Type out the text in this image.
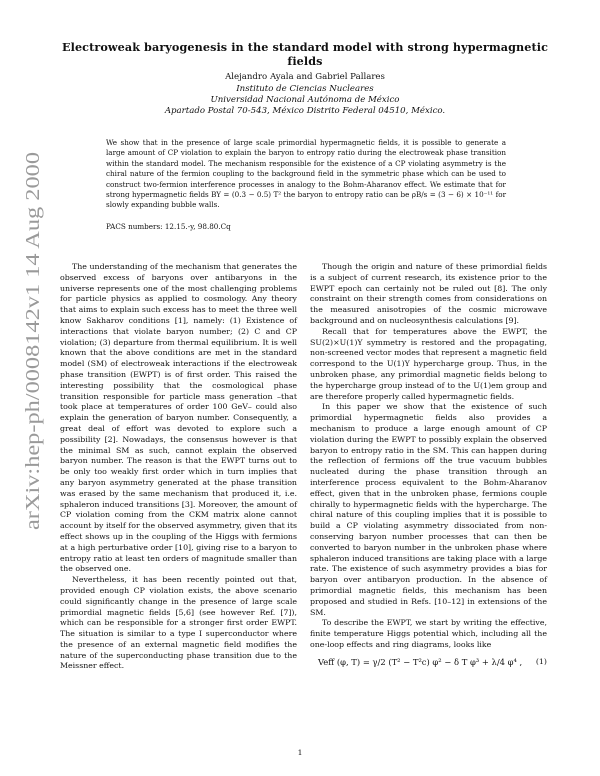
arXiv:hep-ph/0008142v1 14 Aug 2000
Electroweak baryogenesis in the standard model with strong hypermagnetic fields
Alejandro Ayala and Gabriel Pallares
Instituto de Ciencias Nucleares
Universidad Nacional Autónoma de México
Apartado Postal 70-543, México Distrito Federal 04510, México.
We show that in the presence of large scale primordial hypermagnetic fields, it is possible to generate a large amount of CP violation to explain the baryon to entropy ratio during the electroweak phase transition within the standard model. The mechanism responsible for the existence of a CP violating asymmetry is the chiral nature of the fermion coupling to the background field in the symmetric phase which can be used to construct two-fermion interference processes in analogy to the Bohm-Aharanov effect. We estimate that for strong hypermagnetic fields BY = (0.3 − 0.5) T² the baryon to entropy ratio can be ρB/s = (3 − 6) × 10⁻¹¹ for slowly expanding bubble walls.
PACS numbers: 12.15.-y, 98.80.Cq

The understanding of the mechanism that generates the observed excess of baryons over antibaryons in the universe represents one of the most challenging problems for particle physics as applied to cosmology. Any theory that aims to explain such excess has to meet the three well know Sakharov conditions [1], namely: (1) Existence of interactions that violate baryon number; (2) C and CP violation; (3) departure from thermal equilibrium. It is well known that the above conditions are met in the standard model (SM) of electroweak interactions if the electroweak phase transition (EWPT) is of first order. This raised the interesting possibility that the cosmological phase transition responsible for particle mass generation –that took place at temperatures of order 100 GeV– could also explain the generation of baryon number. Consequently, a great deal of effort was devoted to explore such a possibility [2]. Nowadays, the consensus however is that the minimal SM as such, cannot explain the observed baryon number. The reason is that the EWPT turns out to be only too weakly first order which in turn implies that any baryon asymmetry generated at the phase transition was erased by the same mechanism that produced it, i.e. sphaleron induced transitions [3]. Moreover, the amount of CP violation coming from the CKM matrix alone cannot account by itself for the observed asymmetry, given that its effect shows up in the coupling of the Higgs with fermions at a high perturbative order [10], giving rise to a baryon to entropy ratio at least ten orders of magnitude smaller than the observed one.

Nevertheless, it has been recently pointed out that, provided enough CP violation exists, the above scenario could significantly change in the presence of large scale primordial magnetic fields [5,6] (see however Ref. [7]), which can be responsible for a stronger first order EWPT. The situation is similar to a type I superconductor where the presence of an external magnetic field modifies the nature of the superconducting phase transition due to the Meissner effect.

Though the origin and nature of these primordial fields is a subject of current research, its existence prior to the EWPT epoch can certainly not be ruled out [8]. The only constraint on their strength comes from considerations on the measured anisotropies of the cosmic microwave background and on nucleosynthesis calculations [9].

Recall that for temperatures above the EWPT, the SU(2)×U(1)Y symmetry is restored and the propagating, non-screened vector modes that represent a magnetic field correspond to the U(1)Y hypercharge group. Thus, in the unbroken phase, any primordial magnetic fields belong to the hypercharge group instead of to the U(1)em group and are therefore properly called hypermagnetic fields.

In this paper we show that the existence of such primordial hypermagnetic fields also provides a mechanism to produce a large enough amount of CP violation during the EWPT to possibly explain the observed baryon to entropy ratio in the SM. This can happen during the reflection of fermions off the true vacuum bubbles nucleated during the phase transition through an interference process equivalent to the Bohm-Aharanov effect, given that in the unbroken phase, fermions couple chirally to hypermagnetic fields with the hypercharge. The chiral nature of this coupling implies that it is possible to build a CP violating asymmetry dissociated from non-conserving baryon number processes that can then be converted to baryon number in the unbroken phase where sphaleron induced transitions are taking place with a large rate. The existence of such asymmetry provides a bias for baryon over antibaryon production. In the absence of primordial magnetic fields, this mechanism has been proposed and studied in Refs. [10–12] in extensions of the SM.

To describe the EWPT, we start by writing the effective, finite temperature Higgs potential which, including all the one-loop effects and ring diagrams, looks like

Veff (φ, T) = γ/2 (T² − T²c) φ² − δ T φ³ + λ/4 φ⁴ , (1)
1
